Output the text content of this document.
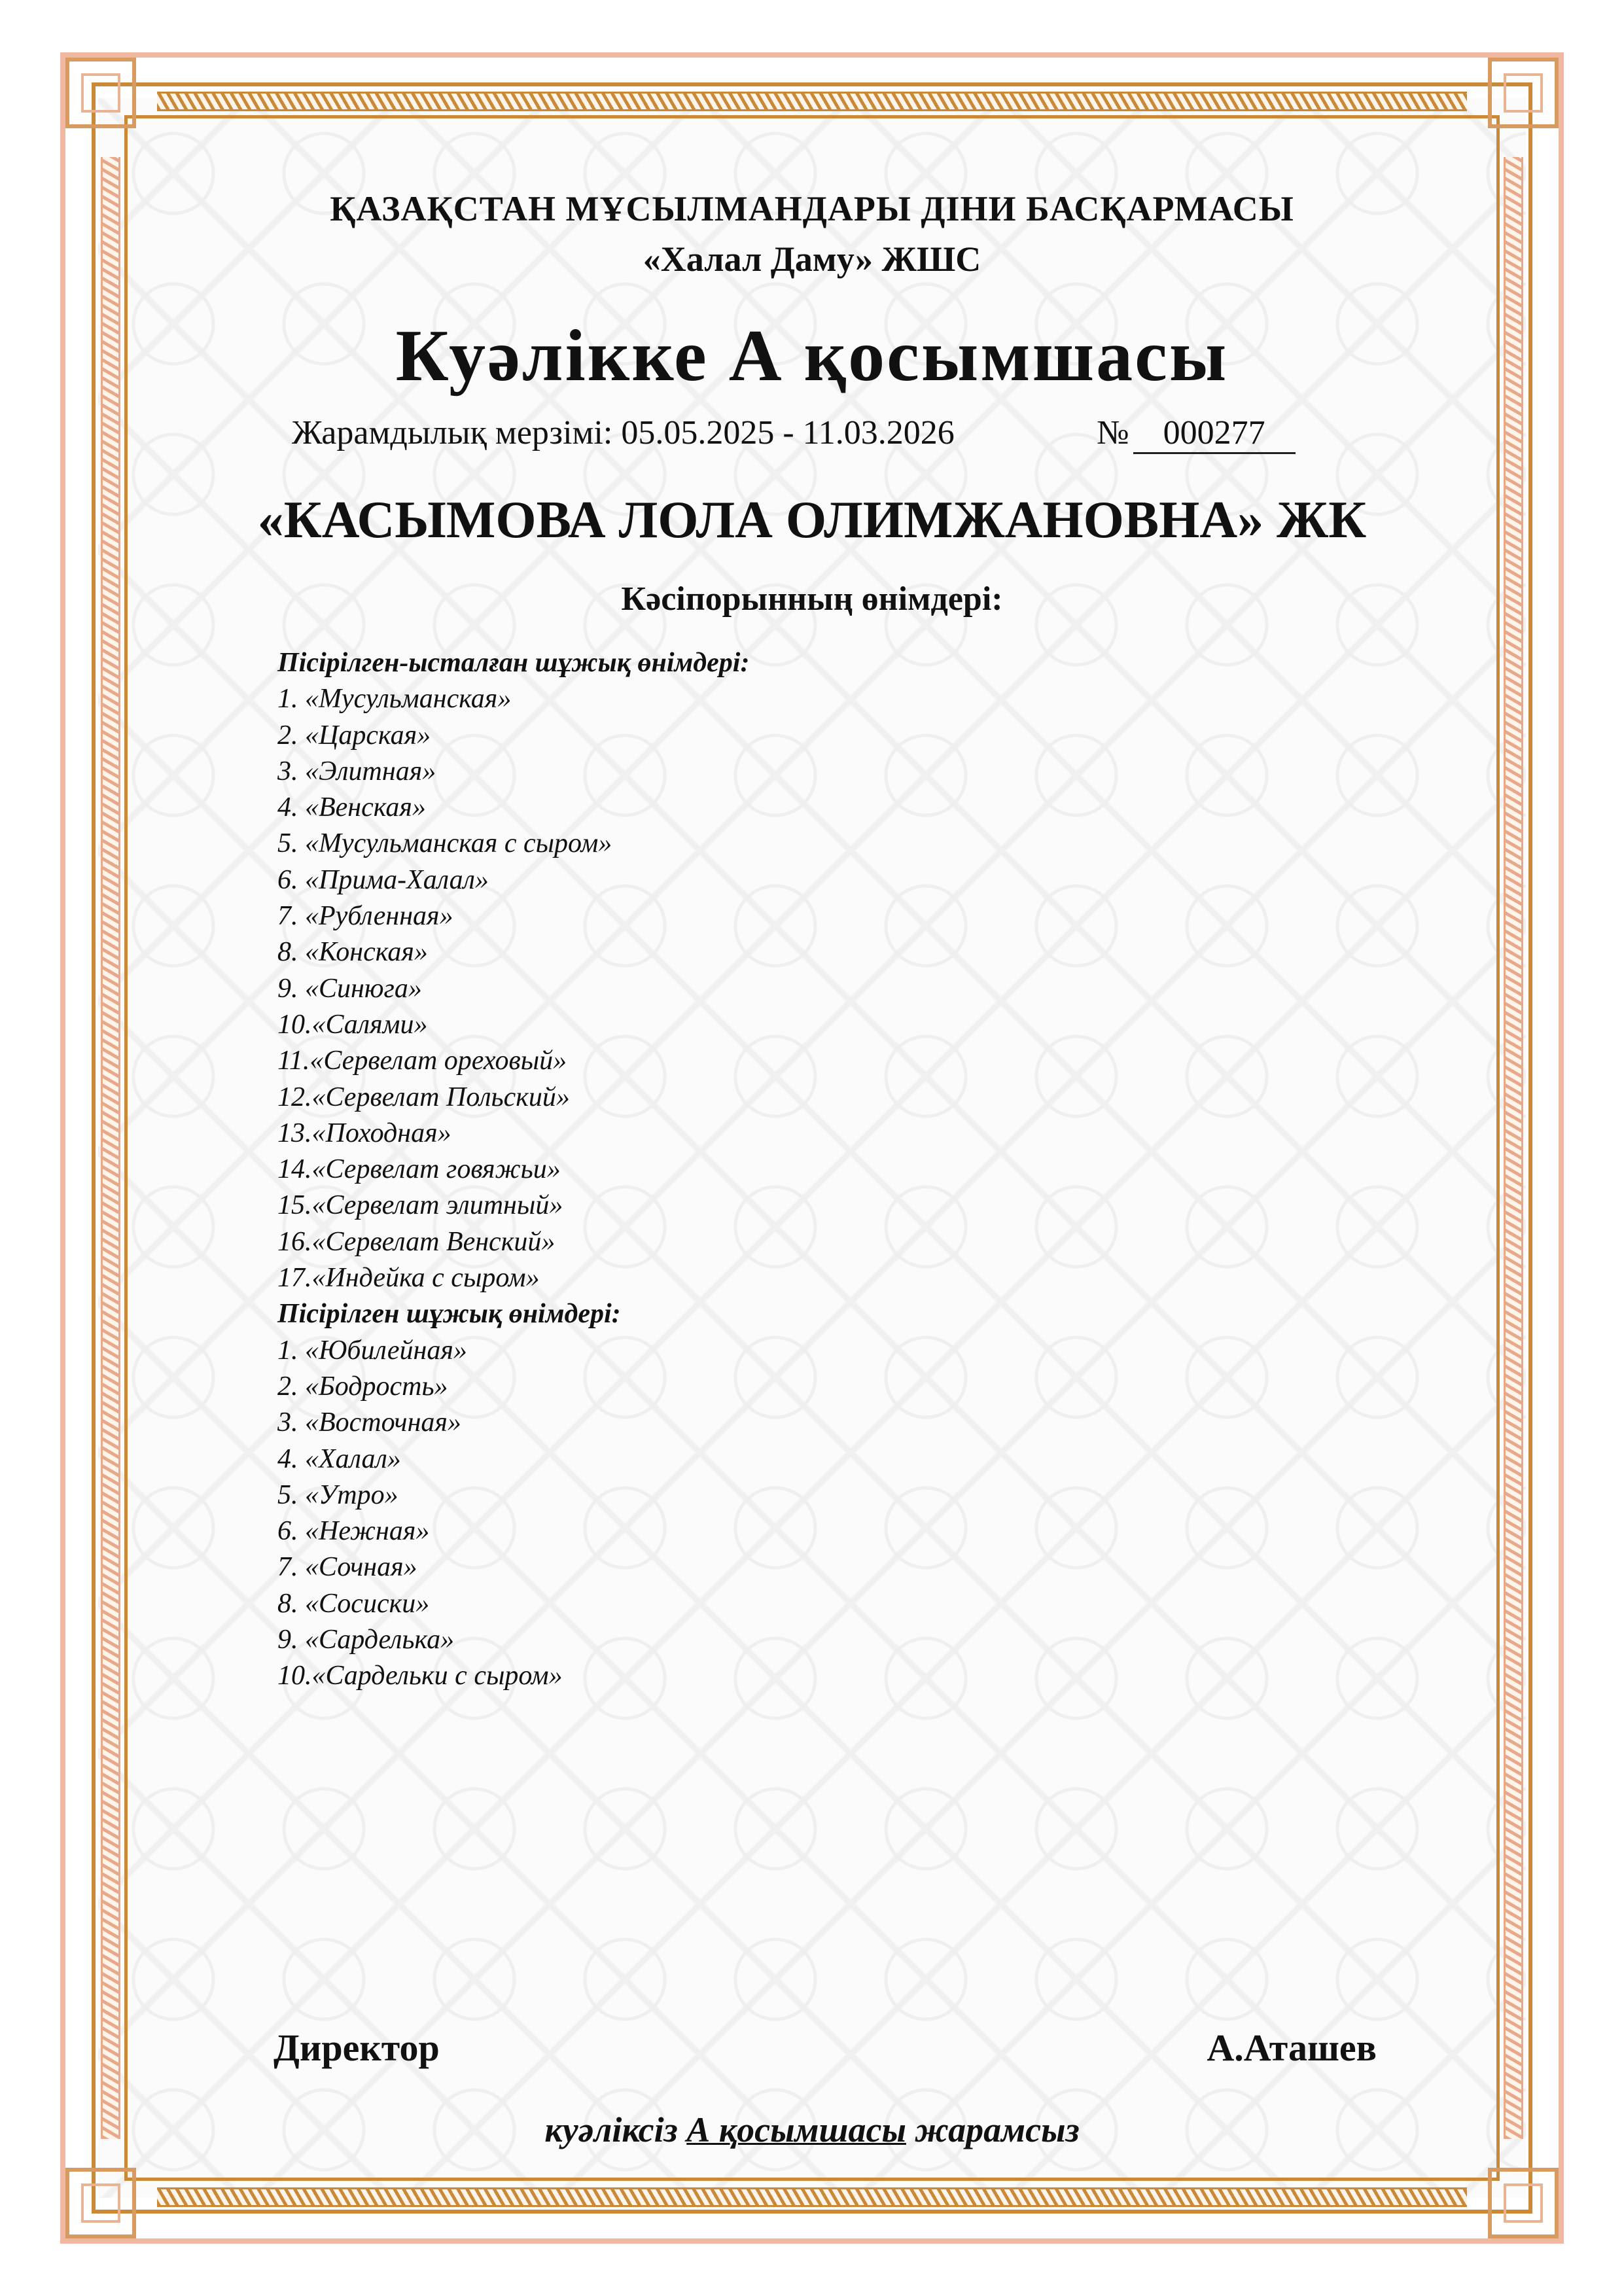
ҚАЗАҚСТАН МҰСЫЛМАНДАРЫ ДІНИ БАСҚАРМАСЫ

«Халал Даму» ЖШС

Куәлікке А қосымшасы

Жарамдылық мерзімі: 05.05.2025 - 11.03.2026	№ 000277

«КАСЫМОВА ЛОЛА ОЛИМЖАНОВНА» ЖК

Кәсіпорынның өнімдері:

Пісірілген-ысталған шұжық өнімдері:
1. «Мусульманская»
2. «Царская»
3. «Элитная»
4. «Венская»
5. «Мусульманская с сыром»
6. «Прима-Халал»
7. «Рубленная»
8. «Конская»
9. «Синюга»
10.«Салями»
11.«Сервелат ореховый»
12.«Сервелат Польский»
13.«Походная»
14.«Сервелат говяжьи»
15.«Сервелат элитный»
16.«Сервелат Венский»
17.«Индейка с сыром»
Пісірілген шұжық өнімдері:
1. «Юбилейная»
2. «Бодрость»
3. «Восточная»
4. «Халал»
5. «Утро»
6. «Нежная»
7. «Сочная»
8. «Сосиски»
9. «Сарделька»
10.«Сардельки с сыром»
Директор	А.Аташев

куәліксіз А қосымшасы жарамсыз
